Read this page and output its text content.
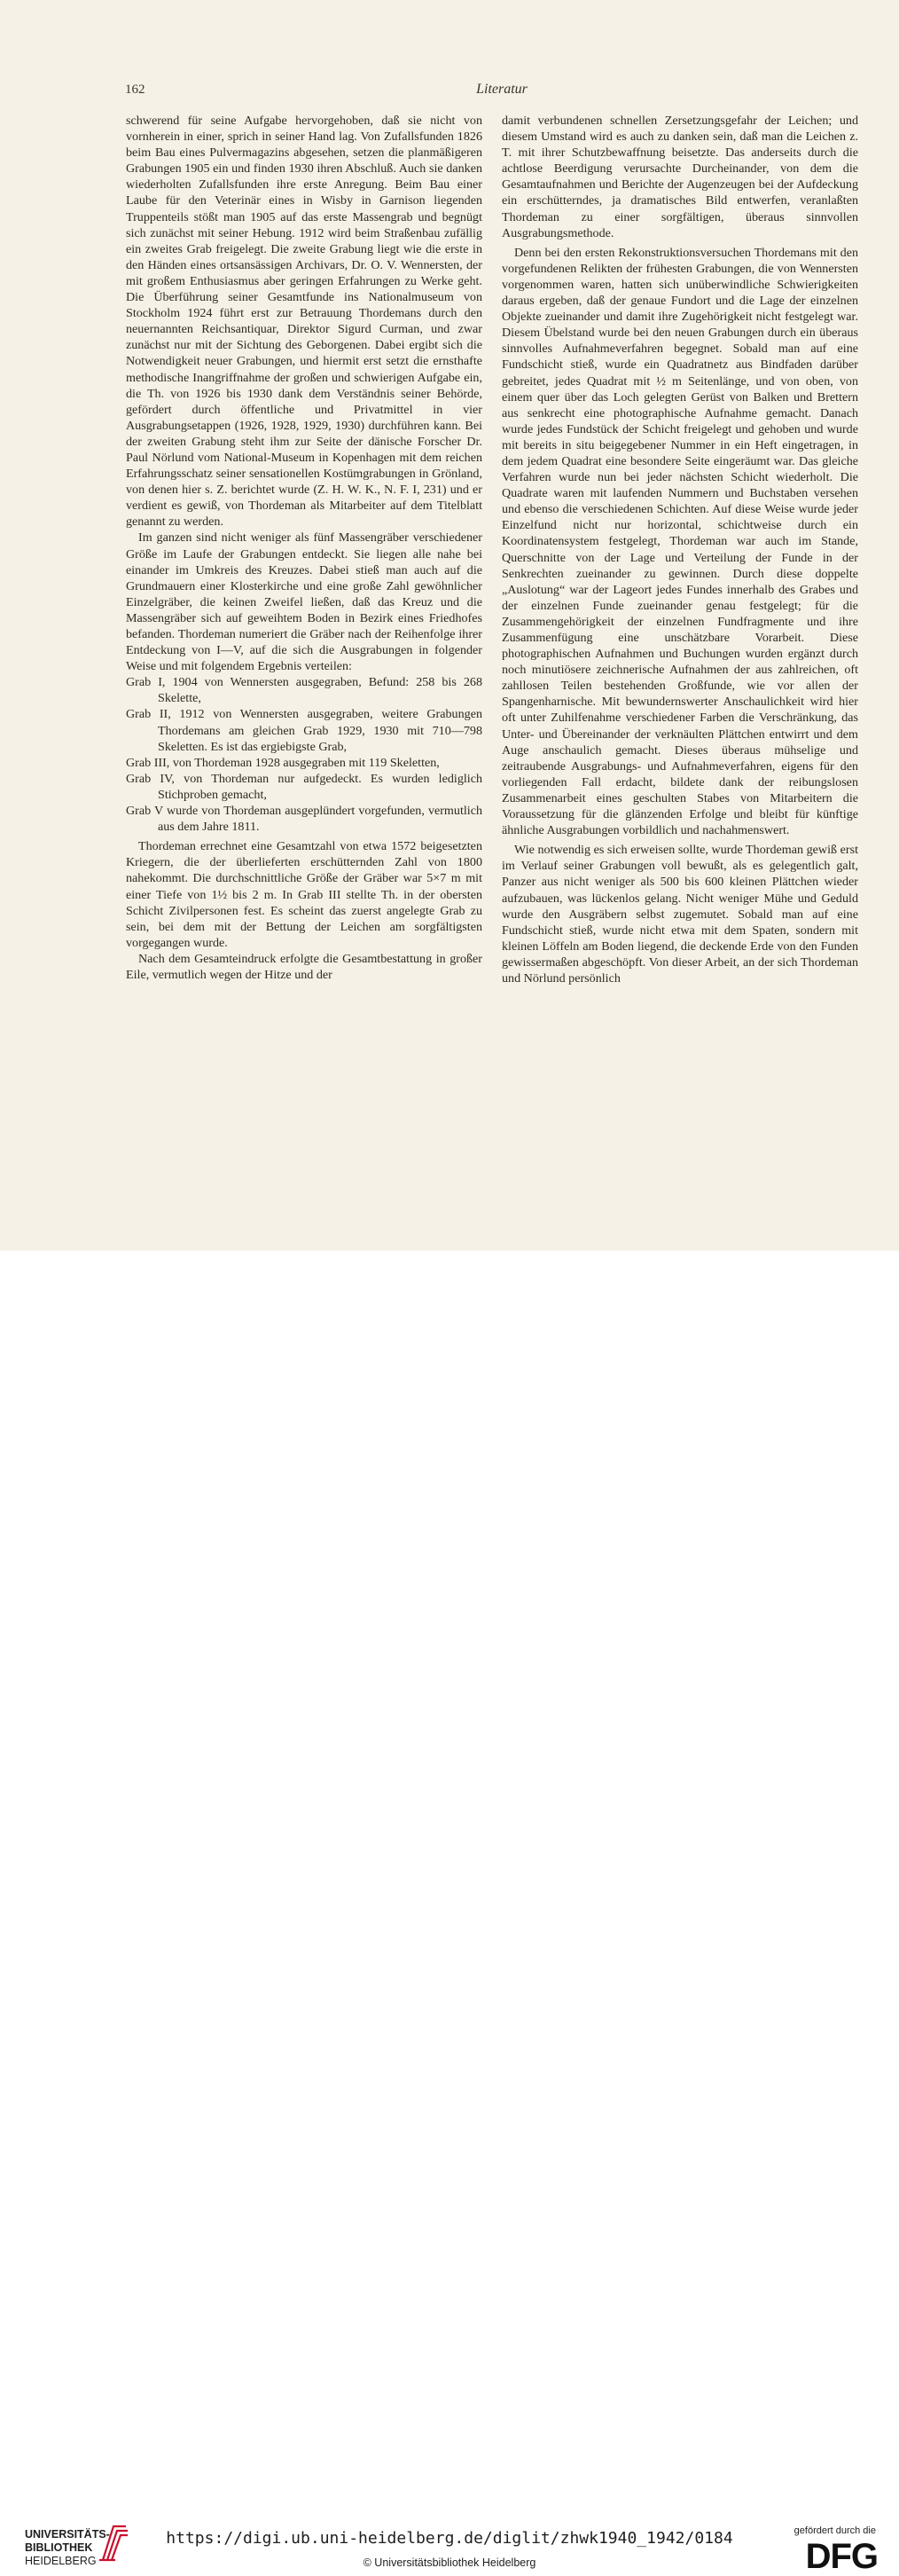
162	Literatur

schwerend für seine Aufgabe hervorgehoben, daß sie nicht von vornherein in einer, sprich in seiner Hand lag. Von Zufallsfunden 1826 beim Bau eines Pulvermagazins abgesehen, setzen die planmäßigeren Grabungen 1905 ein und finden 1930 ihren Abschluß. Auch sie danken wiederholten Zufallsfunden ihre erste Anregung. Beim Bau einer Laube für den Veterinär eines in Wisby in Garnison liegenden Truppenteils stößt man 1905 auf das erste Massengrab und begnügt sich zunächst mit seiner Hebung. 1912 wird beim Straßenbau zufällig ein zweites Grab freigelegt. Die zweite Grabung liegt wie die erste in den Händen eines ortsansässigen Archivars, Dr. O. V. Wennersten, der mit großem Enthusiasmus aber geringen Erfahrungen zu Werke geht. Die Überführung seiner Gesamtfunde ins Nationalmuseum von Stockholm 1924 führt erst zur Betrauung Thordemans durch den neuernannten Reichsantiquar, Direktor Sigurd Curman, und zwar zunächst nur mit der Sichtung des Geborgenen. Dabei ergibt sich die Notwendigkeit neuer Grabungen, und hiermit erst setzt die ernsthafte methodische Inangriffnahme der großen und schwierigen Aufgabe ein, die Th. von 1926 bis 1930 dank dem Verständnis seiner Behörde, gefördert durch öffentliche und Privatmittel in vier Ausgrabungsetappen (1926, 1928, 1929, 1930) durchführen kann. Bei der zweiten Grabung steht ihm zur Seite der dänische Forscher Dr. Paul Nörlund vom National-Museum in Kopenhagen mit dem reichen Erfahrungsschatz seiner sensationellen Kostümgrabungen in Grönland, von denen hier s. Z. berichtet wurde (Z. H. W. K., N. F. I, 231) und er verdient es gewiß, von Thordeman als Mitarbeiter auf dem Titelblatt genannt zu werden.

Im ganzen sind nicht weniger als fünf Massengräber verschiedener Größe im Laufe der Grabungen entdeckt. Sie liegen alle nahe bei einander im Umkreis des Kreuzes. Dabei stieß man auch auf die Grundmauern einer Klosterkirche und eine große Zahl gewöhnlicher Einzelgräber, die keinen Zweifel ließen, daß das Kreuz und die Massengräber sich auf geweihtem Boden in Bezirk eines Friedhofes befanden. Thordeman numeriert die Gräber nach der Reihenfolge ihrer Entdeckung von I—V, auf die sich die Ausgrabungen in folgender Weise und mit folgendem Ergebnis verteilen:

Grab I, 1904 von Wennersten ausgegraben, Befund: 258 bis 268 Skelette,

Grab II, 1912 von Wennersten ausgegraben, weitere Grabungen Thordemans am gleichen Grab 1929, 1930 mit 710—798 Skeletten. Es ist das ergiebigste Grab,

Grab III, von Thordeman 1928 ausgegraben mit 119 Skeletten,

Grab IV, von Thordeman nur aufgedeckt. Es wurden lediglich Stichproben gemacht,

Grab V wurde von Thordeman ausgeplündert vorgefunden, vermutlich aus dem Jahre 1811.

Thordeman errechnet eine Gesamtzahl von etwa 1572 beigesetzten Kriegern, die der überlieferten erschütternden Zahl von 1800 nahekommt. Die durchschnittliche Größe der Gräber war 5×7 m mit einer Tiefe von 1½ bis 2 m. In Grab III stellte Th. in der obersten Schicht Zivilpersonen fest. Es scheint das zuerst angelegte Grab zu sein, bei dem mit der Bettung der Leichen am sorgfältigsten vorgegangen wurde.

Nach dem Gesamteindruck erfolgte die Gesamtbestattung in großer Eile, vermutlich wegen der Hitze und der

damit verbundenen schnellen Zersetzungsgefahr der Leichen; und diesem Umstand wird es auch zu danken sein, daß man die Leichen z. T. mit ihrer Schutzbewaffnung beisetzte. Das anderseits durch die achtlose Beerdigung verursachte Durcheinander, von dem die Gesamtaufnahmen und Berichte der Augenzeugen bei der Aufdeckung ein erschütterndes, ja dramatisches Bild entwerfen, veranlaßten Thordeman zu einer sorgfältigen, überaus sinnvollen Ausgrabungsmethode.

Denn bei den ersten Rekonstruktionsversuchen Thordemans mit den vorgefundenen Relikten der frühesten Grabungen, die von Wennersten vorgenommen waren, hatten sich unüberwindliche Schwierigkeiten daraus ergeben, daß der genaue Fundort und die Lage der einzelnen Objekte zueinander und damit ihre Zugehörigkeit nicht festgelegt war. Diesem Übelstand wurde bei den neuen Grabungen durch ein überaus sinnvolles Aufnahmeverfahren begegnet. Sobald man auf eine Fundschicht stieß, wurde ein Quadratnetz aus Bindfaden darüber gebreitet, jedes Quadrat mit ½ m Seitenlänge, und von oben, von einem quer über das Loch gelegten Gerüst von Balken und Brettern aus senkrecht eine photographische Aufnahme gemacht. Danach wurde jedes Fundstück der Schicht freigelegt und gehoben und wurde mit bereits in situ beigegebener Nummer in ein Heft eingetragen, in dem jedem Quadrat eine besondere Seite eingeräumt war. Das gleiche Verfahren wurde nun bei jeder nächsten Schicht wiederholt. Die Quadrate waren mit laufenden Nummern und Buchstaben versehen und ebenso die verschiedenen Schichten. Auf diese Weise wurde jeder Einzelfund nicht nur horizontal, schichtweise durch ein Koordinatensystem festgelegt, Thordeman war auch im Stande, Querschnitte von der Lage und Verteilung der Funde in der Senkrechten zueinander zu gewinnen. Durch diese doppelte „Auslotung“ war der Lageort jedes Fundes innerhalb des Grabes und der einzelnen Funde zueinander genau festgelegt; für die Zusammengehörigkeit der einzelnen Fundfragmente und ihre Zusammenfügung eine unschätzbare Vorarbeit. Diese photographischen Aufnahmen und Buchungen wurden ergänzt durch noch minutiösere zeichnerische Aufnahmen der aus zahlreichen, oft zahllosen Teilen bestehenden Großfunde, wie vor allen der Spangenharnische. Mit bewundernswerter Anschaulichkeit wird hier oft unter Zuhilfenahme verschiedener Farben die Verschränkung, das Unter- und Übereinander der verknäulten Plättchen entwirrt und dem Auge anschaulich gemacht. Dieses überaus mühselige und zeitraubende Ausgrabungs- und Aufnahmeverfahren, eigens für den vorliegenden Fall erdacht, bildete dank der reibungslosen Zusammenarbeit eines geschulten Stabes von Mitarbeitern die Voraussetzung für die glänzenden Erfolge und bleibt für künftige ähnliche Ausgrabungen vorbildlich und nachahmenswert.

Wie notwendig es sich erweisen sollte, wurde Thordeman gewiß erst im Verlauf seiner Grabungen voll bewußt, als es gelegentlich galt, Panzer aus nicht weniger als 500 bis 600 kleinen Plättchen wieder aufzubauen, was lückenlos gelang. Nicht weniger Mühe und Geduld wurde den Ausgräbern selbst zugemutet. Sobald man auf eine Fundschicht stieß, wurde nicht etwa mit dem Spaten, sondern mit kleinen Löffeln am Boden liegend, die deckende Erde von den Funden gewissermaßen abgeschöpft. Von dieser Arbeit, an der sich Thordeman und Nörlund persönlich

UNIVERSITÄTS-
BIBLIOTHEK
HEIDELBERG
https://digi.ub.uni-heidelberg.de/diglit/zhwk1940_1942/0184
© Universitätsbibliothek Heidelberg
gefördert durch die
DFG
